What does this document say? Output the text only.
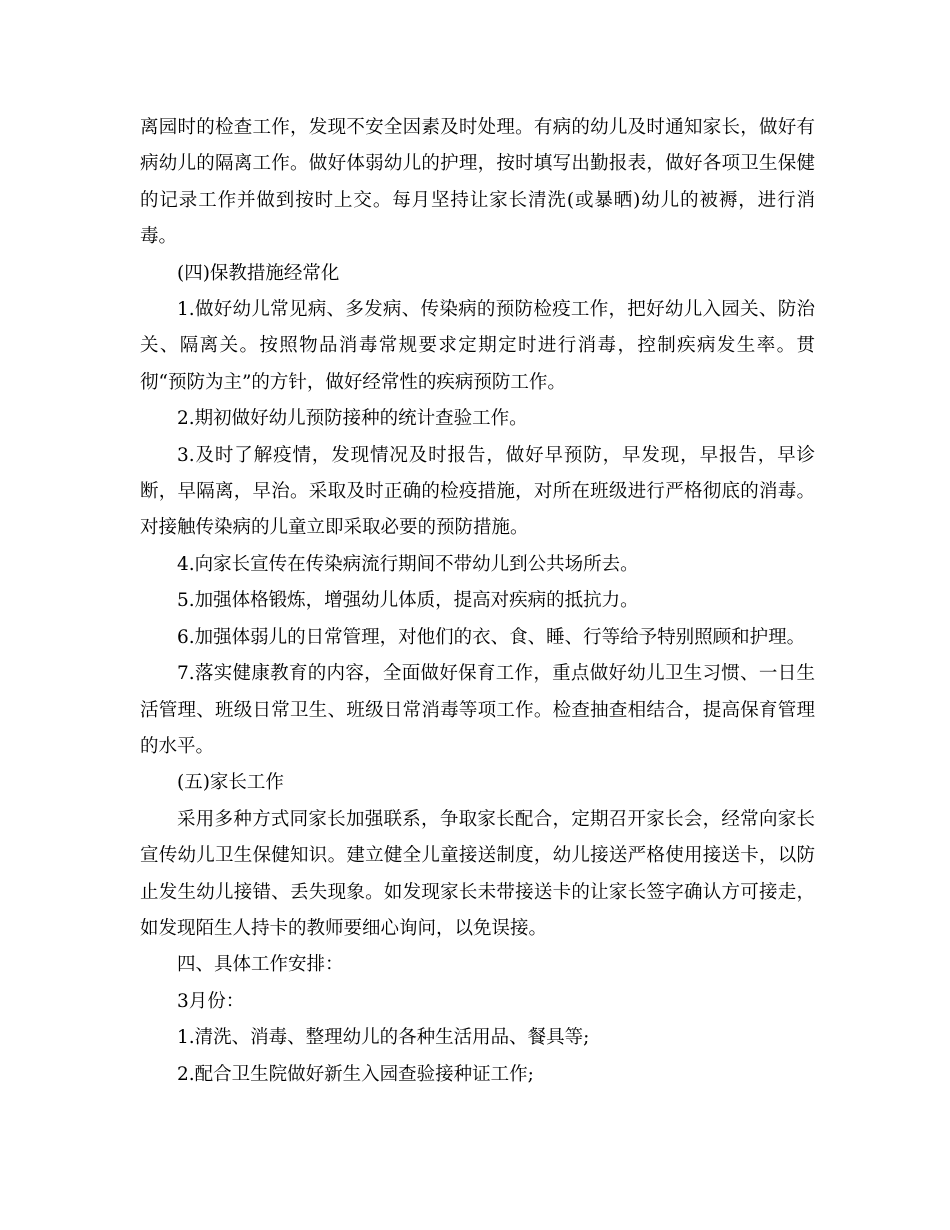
离园时的检查工作，发现不安全因素及时处理。有病的幼儿及时通知家长，做好有病幼儿的隔离工作。做好体弱幼儿的护理，按时填写出勤报表，做好各项卫生保健的记录工作并做到按时上交。每月坚持让家长清洗(或暴晒)幼儿的被褥，进行消毒。

(四)保教措施经常化

1.做好幼儿常见病、多发病、传染病的预防检疫工作，把好幼儿入园关、防治关、隔离关。按照物品消毒常规要求定期定时进行消毒，控制疾病发生率。贯彻“预防为主”的方针，做好经常性的疾病预防工作。

2.期初做好幼儿预防接种的统计查验工作。

3.及时了解疫情，发现情况及时报告，做好早预防，早发现，早报告，早诊断，早隔离，早治。采取及时正确的检疫措施，对所在班级进行严格彻底的消毒。对接触传染病的儿童立即采取必要的预防措施。

4.向家长宣传在传染病流行期间不带幼儿到公共场所去。

5.加强体格锻炼，增强幼儿体质，提高对疾病的抵抗力。

6.加强体弱儿的日常管理，对他们的衣、食、睡、行等给予特别照顾和护理。

7.落实健康教育的内容，全面做好保育工作，重点做好幼儿卫生习惯、一日生活管理、班级日常卫生、班级日常消毒等项工作。检查抽查相结合，提高保育管理的水平。

(五)家长工作

采用多种方式同家长加强联系，争取家长配合，定期召开家长会，经常向家长宣传幼儿卫生保健知识。建立健全儿童接送制度，幼儿接送严格使用接送卡，以防止发生幼儿接错、丢失现象。如发现家长未带接送卡的让家长签字确认方可接走，如发现陌生人持卡的教师要细心询问，以免误接。

四、具体工作安排：

3月份：

1.清洗、消毒、整理幼儿的各种生活用品、餐具等;

2.配合卫生院做好新生入园查验接种证工作;
